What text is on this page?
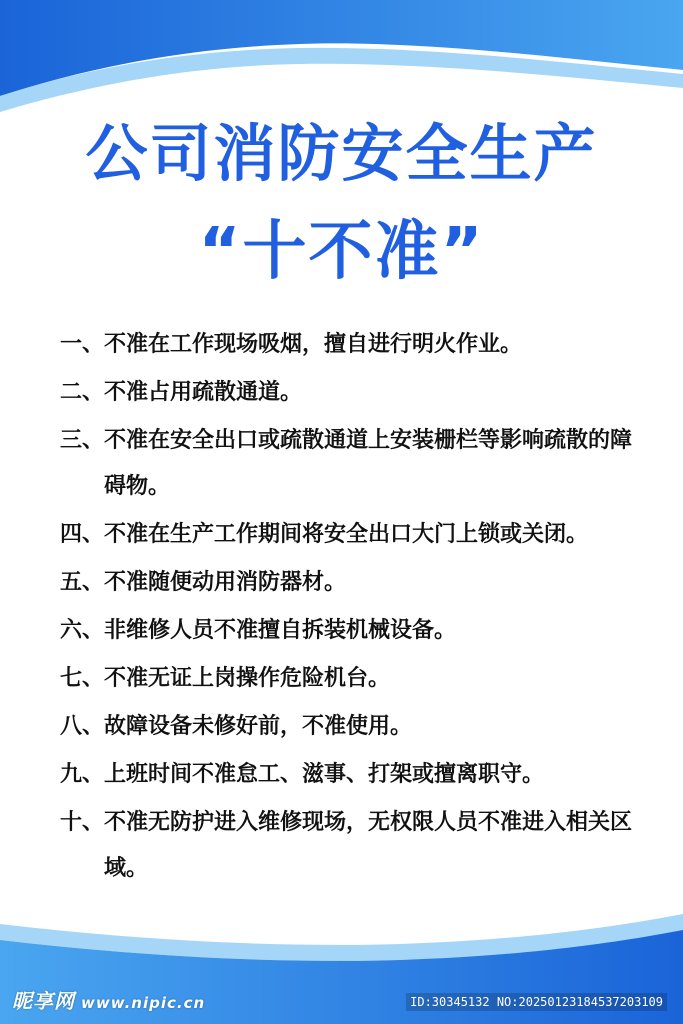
公司消防安全生产
“十不准”
一、 不准在工作现场吸烟，擅自进行明火作业。
二、 不准占用疏散通道。
三、 不准在安全出口或疏散通道上安装栅栏等影响疏散的障碍物。
四、 不准在生产工作期间将安全出口大门上锁或关闭。
五、 不准随便动用消防器材。
六、 非维修人员不准擅自拆装机械设备。
七、 不准无证上岗操作危险机台。
八、 故障设备未修好前，不准使用。
九、 上班时间不准怠工、滋事、打架或擅离职守。
十、 不准无防护进入维修现场，无权限人员不准进入相关区域。
昵享网 www.nipic.cn	ID:30345132 NO:20250123184537203109
